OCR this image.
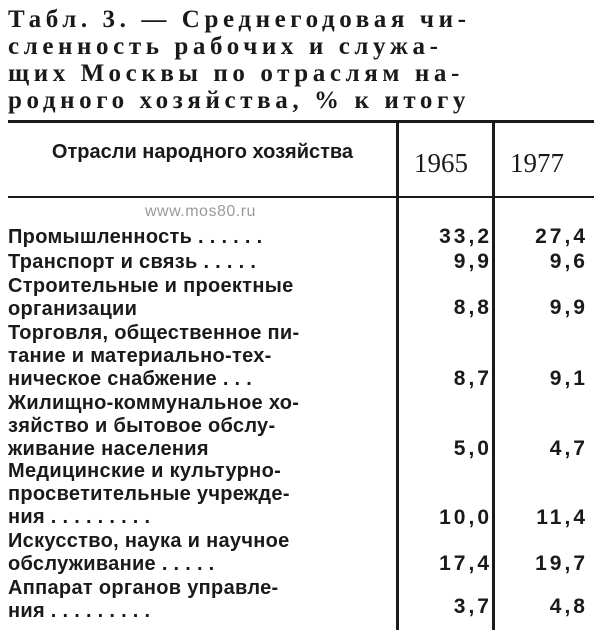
Табл. 3. — Среднегодовая чи-
сленность рабочих и служа-
щих Москвы по отраслям на-
родного хозяйства, % к итогу
Отрасли народного хозяйства	1965 1977
www.mos80.ru
Промышленность . . . . . .	33,2	27,4
Транспорт и связь . . . . .	9,9	9,6
Строительные и проектные
организации	8,8	9,9
Торговля, общественное пи-
тание и материально-тех-
ническое снабжение . . .	8,7	9,1
Жилищно-коммунальное хо-
зяйство и бытовое обслу-
живание населения	5,0	4,7
Медицинские и культурно-
просветительные учрежде-
ния . . . . . . . . .	10,0	11,4
Искусство, наука и научное
обслуживание . . . . .	17,4	19,7
Аппарат органов управле-
ния . . . . . . . . .	3,7	4,8
